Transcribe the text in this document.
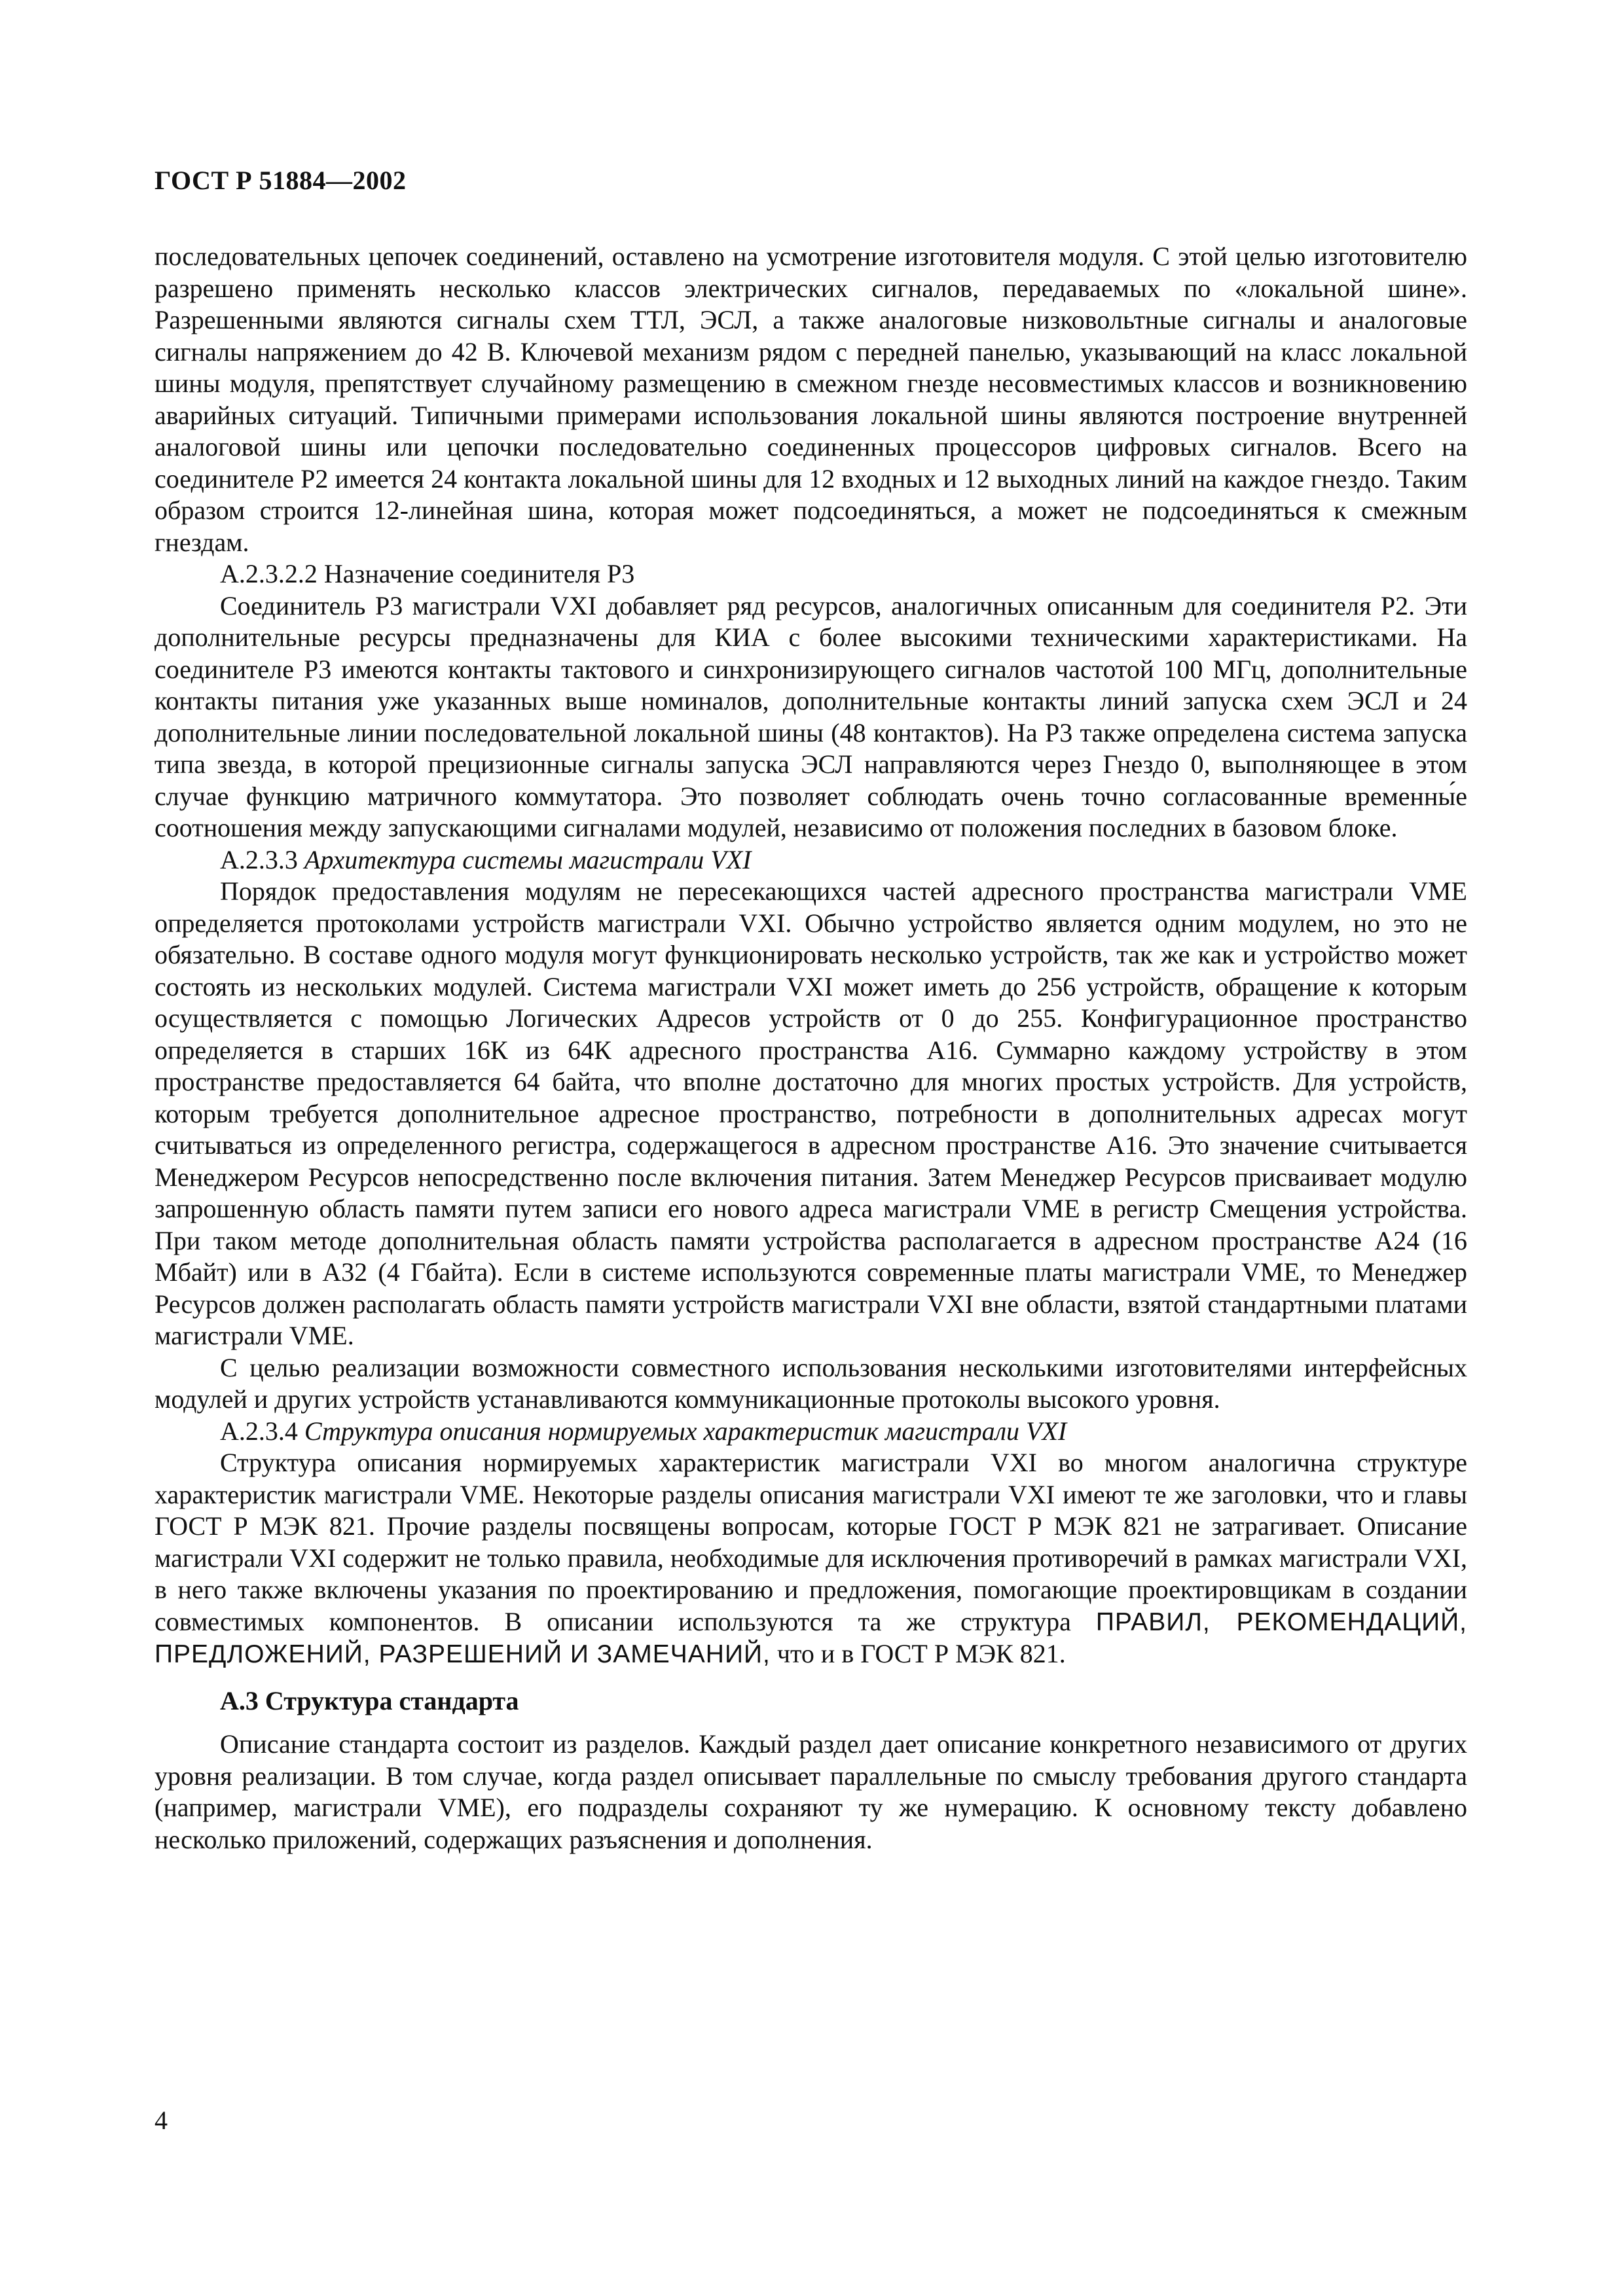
ГОСТ Р 51884—2002

последовательных цепочек соединений, оставлено на усмотрение изготовителя модуля. С этой целью изготовителю разрешено применять несколько классов электрических сигналов, передаваемых по «локальной шине». Разрешенными являются сигналы схем ТТЛ, ЭСЛ, а также аналоговые низковольтные сигналы и аналоговые сигналы напряжением до 42 В. Ключевой механизм рядом с передней панелью, указывающий на класс локальной шины модуля, препятствует случайному размещению в смежном гнезде несовместимых классов и возникновению аварийных ситуаций. Типичными примерами использования локальной шины являются построение внутренней аналоговой шины или цепочки последовательно соединенных процессоров цифровых сигналов. Всего на соединителе Р2 имеется 24 контакта локальной шины для 12 входных и 12 выходных линий на каждое гнездо. Таким образом строится 12-линейная шина, которая может подсоединяться, а может не подсоединяться к смежным гнездам.

А.2.3.2.2 Назначение соединителя Р3

Соединитель Р3 магистрали VXI добавляет ряд ресурсов, аналогичных описанным для соединителя Р2. Эти дополнительные ресурсы предназначены для КИА с более высокими техническими характеристиками. На соединителе Р3 имеются контакты тактового и синхронизирующего сигналов частотой 100 МГц, дополнительные контакты питания уже указанных выше номиналов, дополнительные контакты линий запуска схем ЭСЛ и 24 дополнительные линии последовательной локальной шины (48 контактов). На Р3 также определена система запуска типа звезда, в которой прецизионные сигналы запуска ЭСЛ направляются через Гнездо 0, выполняющее в этом случае функцию матричного коммутатора. Это позволяет соблюдать очень точно согласованные временны́е соотношения между запускающими сигналами модулей, независимо от положения последних в базовом блоке.

А.2.3.3 Архитектура системы магистрали VXI

Порядок предоставления модулям не пересекающихся частей адресного пространства магистрали VME определяется протоколами устройств магистрали VXI. Обычно устройство является одним модулем, но это не обязательно. В составе одного модуля могут функционировать несколько устройств, так же как и устройство может состоять из нескольких модулей. Система магистрали VXI может иметь до 256 устройств, обращение к которым осуществляется с помощью Логических Адресов устройств от 0 до 255. Конфигурационное пространство определяется в старших 16К из 64К адресного пространства А16. Суммарно каждому устройству в этом пространстве предоставляется 64 байта, что вполне достаточно для многих простых устройств. Для устройств, которым требуется дополнительное адресное пространство, потребности в дополнительных адресах могут считываться из определенного регистра, содержащегося в адресном пространстве А16. Это значение считывается Менеджером Ресурсов непосредственно после включения питания. Затем Менеджер Ресурсов присваивает модулю запрошенную область памяти путем записи его нового адреса магистрали VME в регистр Смещения устройства. При таком методе дополнительная область памяти устройства располагается в адресном пространстве А24 (16 Мбайт) или в А32 (4 Гбайта). Если в системе используются современные платы магистрали VME, то Менеджер Ресурсов должен располагать область памяти устройств магистрали VXI вне области, взятой стандартными платами магистрали VME.

С целью реализации возможности совместного использования несколькими изготовителями интерфейсных модулей и других устройств устанавливаются коммуникационные протоколы высокого уровня.

А.2.3.4 Структура описания нормируемых характеристик магистрали VXI

Структура описания нормируемых характеристик магистрали VXI во многом аналогична структуре характеристик магистрали VME. Некоторые разделы описания магистрали VXI имеют те же заголовки, что и главы ГОСТ Р МЭК 821. Прочие разделы посвящены вопросам, которые ГОСТ Р МЭК 821 не затрагивает. Описание магистрали VXI содержит не только правила, необходимые для исключения противоречий в рамках магистрали VXI, в него также включены указания по проектированию и предложения, помогающие проектировщикам в создании совместимых компонентов. В описании используются та же структура ПРАВИЛ, РЕКОМЕНДАЦИЙ, ПРЕДЛОЖЕНИЙ, РАЗРЕШЕНИЙ И ЗАМЕЧАНИЙ, что и в ГОСТ Р МЭК 821.

А.3 Структура стандарта

Описание стандарта состоит из разделов. Каждый раздел дает описание конкретного независимого от других уровня реализации. В том случае, когда раздел описывает параллельные по смыслу требования другого стандарта (например, магистрали VME), его подразделы сохраняют ту же нумерацию. К основному тексту добавлено несколько приложений, содержащих разъяснения и дополнения.

4
